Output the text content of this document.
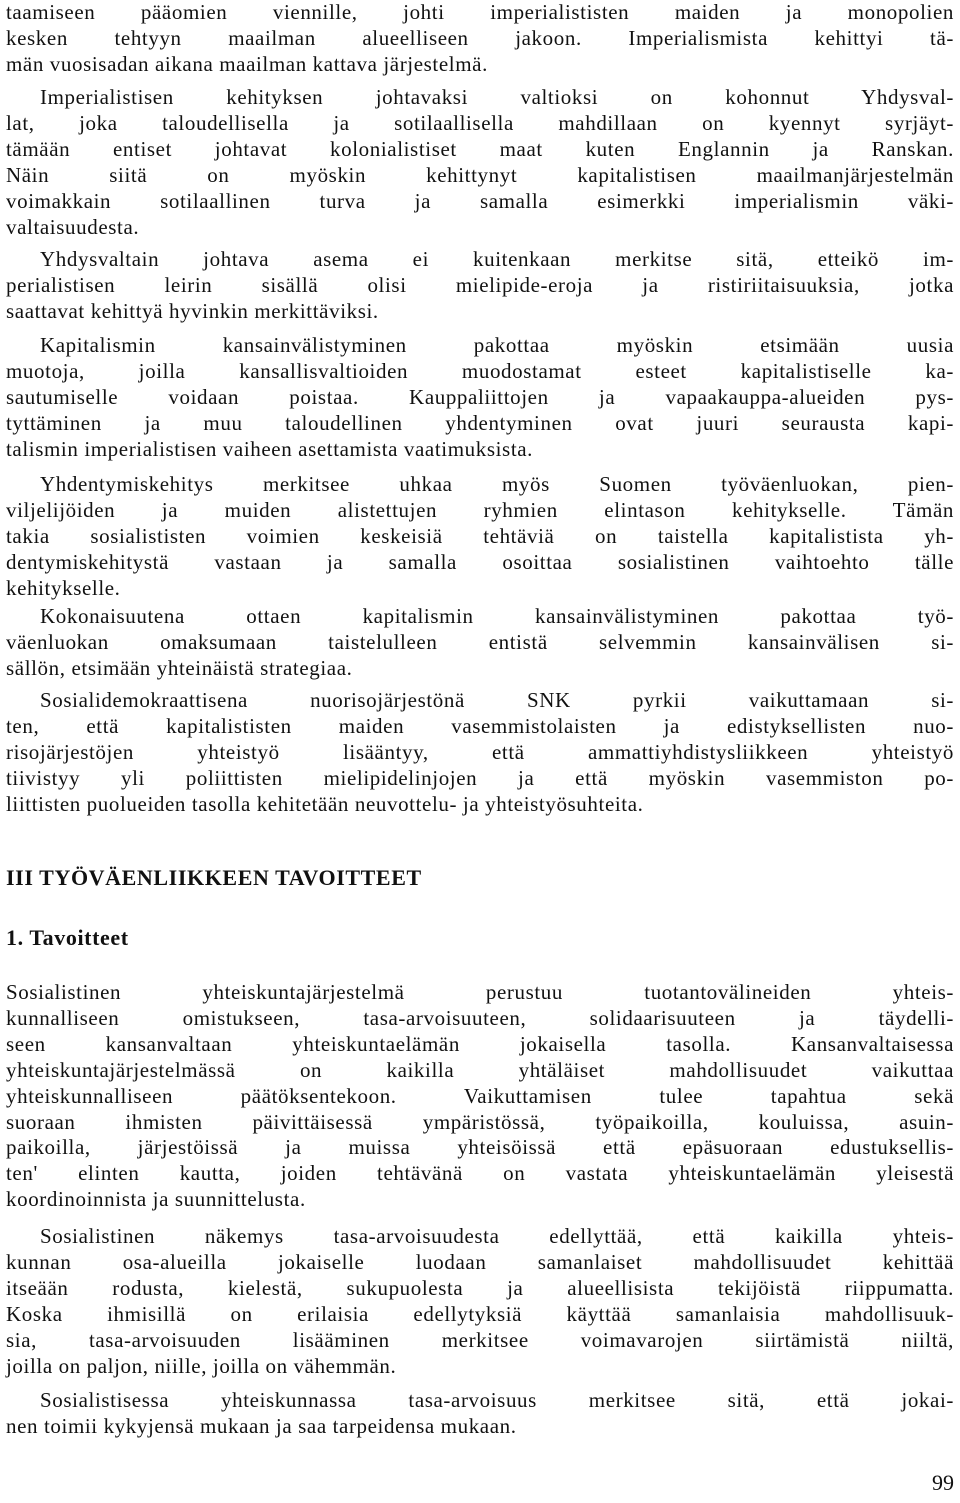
taamiseen pääomien viennille, johti imperialististen maiden ja monopolien
kesken tehtyyn maailman alueelliseen jakoon. Imperialismista kehittyi tä-
män vuosisadan aikana maailman kattava järjestelmä.
Imperialistisen kehityksen johtavaksi valtioksi on kohonnut Yhdysval-
lat, joka taloudellisella ja sotilaallisella mahdillaan on kyennyt syrjäyt-
tämään entiset johtavat kolonialistiset maat kuten Englannin ja Ranskan.
Näin siitä on myöskin kehittynyt kapitalistisen maailmanjärjestelmän
voimakkain sotilaallinen turva ja samalla esimerkki imperialismin väki-
valtaisuudesta.
Yhdysvaltain johtava asema ei kuitenkaan merkitse sitä, etteikö im-
perialistisen leirin sisällä olisi mielipide-eroja ja ristiriitaisuuksia, jotka
saattavat kehittyä hyvinkin merkittäviksi.
Kapitalismin kansainvälistyminen pakottaa myöskin etsimään uusia
muotoja, joilla kansallisvaltioiden muodostamat esteet kapitalistiselle ka-
sautumiselle voidaan poistaa. Kauppaliittojen ja vapaakauppa-alueiden pys-
tyttäminen ja muu taloudellinen yhdentyminen ovat juuri seurausta kapi-
talismin imperialistisen vaiheen asettamista vaatimuksista.
Yhdentymiskehitys merkitsee uhkaa myös Suomen työväenluokan, pien-
viljelijöiden ja muiden alistettujen ryhmien elintason kehitykselle. Tämän
takia sosialististen voimien keskeisiä tehtäviä on taistella kapitalistista yh-
dentymiskehitystä vastaan ja samalla osoittaa sosialistinen vaihtoehto tälle
kehitykselle.
Kokonaisuutena ottaen kapitalismin kansainvälistyminen pakottaa työ-
väenluokan omaksumaan taistelulleen entistä selvemmin kansainvälisen si-
sällön, etsimään yhteinäistä strategiaa.
Sosialidemokraattisena nuorisojärjestönä SNK pyrkii vaikuttamaan si-
ten, että kapitalististen maiden vasemmistolaisten ja edistyksellisten nuo-
risojärjestöjen yhteistyö lisääntyy, että ammattiyhdistysliikkeen yhteistyö
tiivistyy yli poliittisten mielipidelinjojen ja että myöskin vasemmiston po-
liittisten puolueiden tasolla kehitetään neuvottelu- ja yhteistyösuhteita.
III TYÖVÄENLIIKKEEN TAVOITTEET
1. Tavoitteet
Sosialistinen yhteiskuntajärjestelmä perustuu tuotantovälineiden yhteis-
kunnalliseen omistukseen, tasa-arvoisuuteen, solidaarisuuteen ja täydelli-
seen kansanvaltaan yhteiskuntaelämän jokaisella tasolla. Kansanvaltaisessa
yhteiskuntajärjestelmässä on kaikilla yhtäläiset mahdollisuudet vaikuttaa
yhteiskunnalliseen päätöksentekoon. Vaikuttamisen tulee tapahtua sekä
suoraan ihmisten päivittäisessä ympäristössä, työpaikoilla, kouluissa, asuin-
paikoilla, järjestöissä ja muissa yhteisöissä että epäsuoraan edustuksellis-
ten' elinten kautta, joiden tehtävänä on vastata yhteiskuntaelämän yleisestä
koordinoinnista ja suunnittelusta.
Sosialistinen näkemys tasa-arvoisuudesta edellyttää, että kaikilla yhteis-
kunnan osa-alueilla jokaiselle luodaan samanlaiset mahdollisuudet kehittää
itseään rodusta, kielestä, sukupuolesta ja alueellisista tekijöistä riippumatta.
Koska ihmisillä on erilaisia edellytyksiä käyttää samanlaisia mahdollisuuk-
sia, tasa-arvoisuuden lisääminen merkitsee voimavarojen siirtämistä niiltä,
joilla on paljon, niille, joilla on vähemmän.
Sosialistisessa yhteiskunnassa tasa-arvoisuus merkitsee sitä, että jokai-
nen toimii kykyjensä mukaan ja saa tarpeidensa mukaan.
99
